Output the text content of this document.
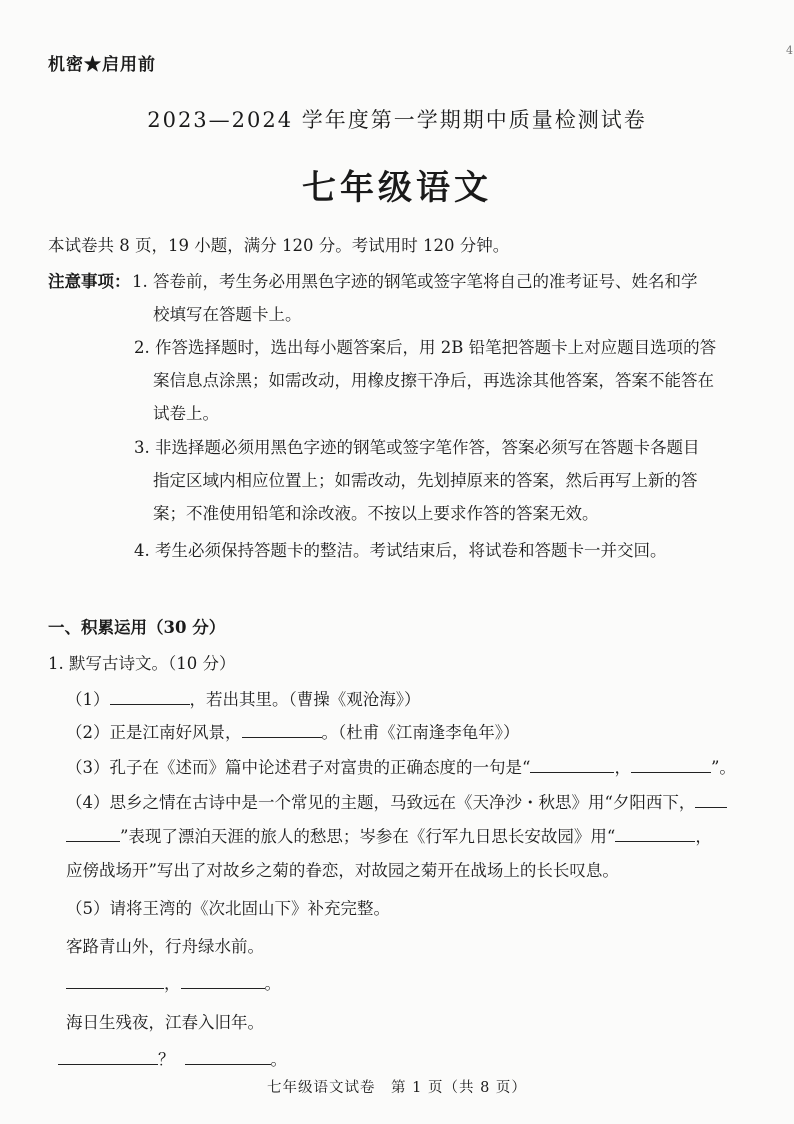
机密★启用前
4
2023—2024 学年度第一学期期中质量检测试卷
七年级语文
本试卷共 8 页，19 小题，满分 120 分。考试用时 120 分钟。
注意事项： 1. 答卷前，考生务必用黑色字迹的钢笔或签字笔将自己的准考证号、姓名和学
校填写在答题卡上。
2. 作答选择题时，选出每小题答案后，用 2B 铅笔把答题卡上对应题目选项的答
案信息点涂黑；如需改动，用橡皮擦干净后，再选涂其他答案，答案不能答在
试卷上。
3. 非选择题必须用黑色字迹的钢笔或签字笔作答，答案必须写在答题卡各题目
指定区域内相应位置上；如需改动，先划掉原来的答案，然后再写上新的答
案；不准使用铅笔和涂改液。不按以上要求作答的答案无效。
4. 考生必须保持答题卡的整洁。考试结束后，将试卷和答题卡一并交回。
一、积累运用（30 分）
1. 默写古诗文。（10 分）
（1）	，若出其里。（曹操《观沧海》）
（2）正是江南好风景，	。（杜甫《江南逢李龟年》）
（3）孔子在《述而》篇中论述君子对富贵的正确态度的一句是“	，	”。
（4）思乡之情在古诗中是一个常见的主题，马致远在《天净沙・秋思》用“夕阳西下，
”表现了漂泊天涯的旅人的愁思；岑参在《行军九日思长安故园》用“	，
应傍战场开”写出了对故乡之菊的眷恋，对故园之菊开在战场上的长长叹息。
（5）请将王湾的《次北固山下》补充完整。
客路青山外，行舟绿水前。
，	。
海日生残夜，江春入旧年。
？	。
七年级语文试卷　第 1 页（共 8 页）
